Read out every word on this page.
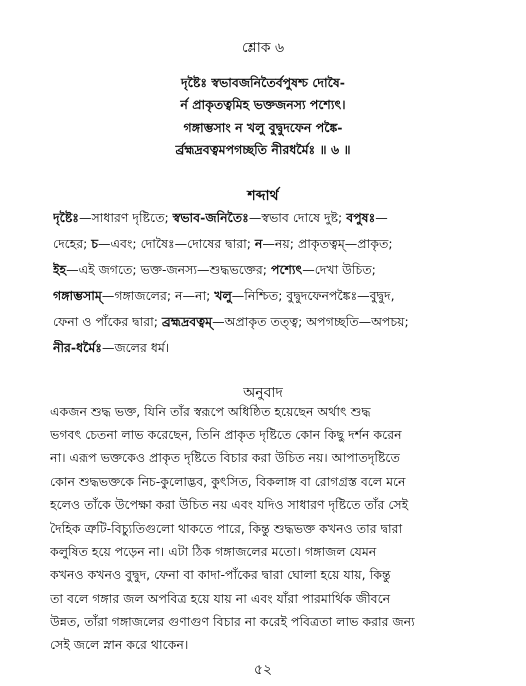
শ্লোক ৬
দৃষ্টৈঃ স্বভাবজনিতৈর্বপুষশ্চ দোষৈ-
র্ন প্রাকৃতত্বমিহ ভক্তজনস্য পশ্যেৎ।
গঙ্গাম্ভসাং ন খলু বুদ্বুদফেন পঙ্কৈ-
র্ব্রহ্মদ্রবত্বমপগচ্ছতি নীরধর্মৈঃ ॥ ৬ ॥
শব্দার্থ
দৃষ্টৈঃ—সাধারণ দৃষ্টিতে; স্বভাব-জনিতৈঃ—স্বভাব দোষে দুষ্ট; বপুষঃ—
দেহের; চ—এবং; দোষৈঃ—দোষের দ্বারা; ন—নয়; প্রাকৃতত্বম্—প্রাকৃত;
ইহ—এই জগতে; ভক্ত-জনস্য—শুদ্ধভক্তের; পশ্যেৎ—দেখা উচিত;
গঙ্গাম্ভসাম্—গঙ্গাজলের; ন—না; খলু—নিশ্চিত; বুদ্বুদফেনপঙ্কৈঃ—বুদ্বুদ,
ফেনা ও পাঁকের দ্বারা; ব্রহ্মদ্রবত্বম্—অপ্রাকৃত তত্ত্ব; অপগচ্ছতি—অপচয়;
নীর-ধর্মৈঃ—জলের ধর্ম।
অনুবাদ
একজন শুদ্ধ ভক্ত, যিনি তাঁর স্বরূপে অধিষ্ঠিত হয়েছেন অর্থাৎ শুদ্ধ
ভগবৎ চেতনা লাভ করেছেন, তিনি প্রাকৃত দৃষ্টিতে কোন কিছু দর্শন করেন
না। এরূপ ভক্তকেও প্রাকৃত দৃষ্টিতে বিচার করা উচিত নয়। আপাতদৃষ্টিতে
কোন শুদ্ধভক্তকে নিচ-কুলোদ্ভব, কুৎসিত, বিকলাঙ্গ বা রোগগ্রস্ত বলে মনে
হলেও তাঁকে উপেক্ষা করা উচিত নয় এবং যদিও সাধারণ দৃষ্টিতে তাঁর সেই
দৈহিক ত্রুটি-বিচ্যুতিগুলো থাকতে পারে, কিন্তু শুদ্ধভক্ত কখনও তার দ্বারা
কলুষিত হয়ে পড়েন না। এটা ঠিক গঙ্গাজলের মতো। গঙ্গাজল যেমন
কখনও কখনও বুদ্বুদ, ফেনা বা কাদা-পাঁকের দ্বারা ঘোলা হয়ে যায়, কিন্তু
তা বলে গঙ্গার জল অপবিত্র হয়ে যায় না এবং যাঁরা পারমার্থিক জীবনে
উন্নত, তাঁরা গঙ্গাজলের গুণাগুণ বিচার না করেই পবিত্রতা লাভ করার জন্য
সেই জলে স্নান করে থাকেন।
৫২
